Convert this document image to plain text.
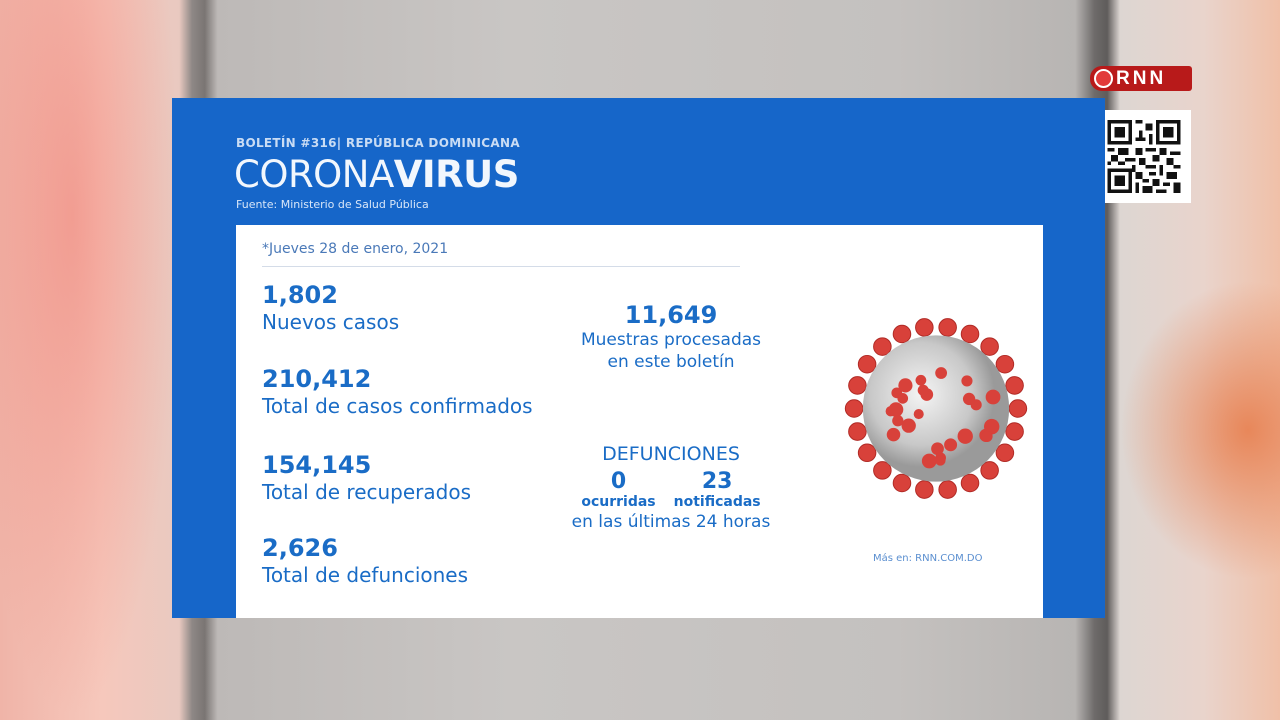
RNN
BOLETÍN #316| REPÚBLICA DOMINICANA
CORONAVIRUS
Fuente: Ministerio de Salud Pública
*Jueves 28 de enero, 2021
1,802
Nuevos casos
210,412
Total de casos confirmados
154,145
Total de recuperados
2,626
Total de defunciones
11,649
Muestras procesadas
en este boletín
DEFUNCIONES
0
ocurridas
23
notificadas
en las últimas 24 horas
Más en: RNN.COM.DO
